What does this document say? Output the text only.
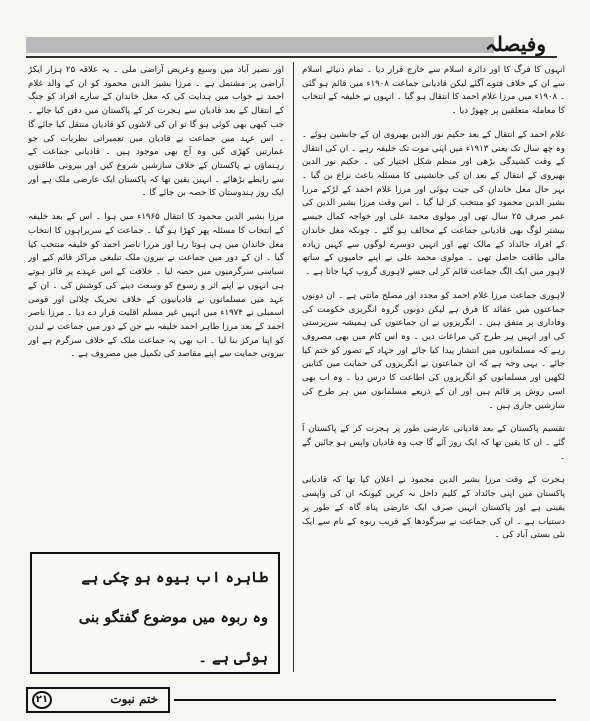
وفیصلہ

انہوں کا فرگ کا اور دائرہ اسلام سے خارج قرار دیا ۔ تمام دنیائے اسلام سے ان کے خلاف فتوے آگئے لیکن قادیانی جماعت ۱۹۰۸ء میں قائم ہو گئی ۔ ۱۹۰۸ء میں مرزا غلام احمد کا انتقال ہو گیا ۔ انہوں نے خلیفہ کے انتخاب کا معاملہ متعلقین پر چھوڑ دیا ۔

غلام احمد کے انتقال کے بعد حکیم نور الدین بھیروی ان کے جانشین ہوئے ۔ وہ چھ سال تک یعنی ۱۹۱۳ء میں اپنی موت تک خلیفہ رہے ۔ ان کی انتقال کے وقت کشیدگی بڑھی اور منظم شکل اختیار کی ۔ حکیم نور الدین بھیروی کے انتقال کے بعد ان کی جانشینی کا مسئلہ باعث نزاع بن گیا ۔ بہر حال مغل خاندان کی جیت ہوئی اور مرزا غلام احمد کے لڑکے مرزا بشیر الدین محمود کو منتخب کر لیا گیا ۔ اس وقت مرزا بشیر الدین کی عمر صرف ۲۵ سال تھی اور مولوی محمد علی اور خواجہ کمال جیسے بیشتر لوگ بھی قادیانی جماعت کے مخالف ہو گئے ۔ چونکہ مغل خاندان کے افراد جائداد کے مالک تھے اور انہیں دوسرے لوگوں سے کہیں زیادہ مالی طاقت حاصل تھی ۔ مولوی محمد علی نے اپنے حامیوں کے ساتھ لاہور میں ایک الگ جماعت قائم کر لی جسے لاہوری گروپ کہا جاتا ہے ۔

لاہوری جماعت مرزا غلام احمد کو مجدد اور مصلح مانتی ہے ۔ ان دونوں جماعتوں میں عقائد کا فرق ہے لیکن دونوں گروہ انگریزی حکومت کی وفاداری پر متفق ہیں ۔ انگریزوں نے ان جماعتوں کی ہمیشہ سرپرستی کی اور انہیں ہر طرح کی مراعات دیں ۔ وہ اس کام میں بھی مصروف رہے کہ مسلمانوں میں انتشار پیدا کیا جائے اور جہاد کے تصور کو ختم کیا جائے ۔ یہی وجہ ہے کہ ان جماعتوں نے انگریزوں کی حمایت میں کتابیں لکھیں اور مسلمانوں کو انگریزوں کی اطاعت کا درس دیا ۔ وہ اب بھی اسی روش پر قائم ہیں اور ان کے ذریعے مسلمانوں میں ہر طرح کی سازشیں جاری ہیں ۔

تقسیم پاکستان کے بعد قادیانی عارضی طور پر ہجرت کر کے پاکستان آ گئے ۔ ان کا یقین تھا کہ ایک روز آئے گا جب وہ قادیان واپس ہو جائیں گے ۔

ہجرت کے وقت مرزا بشیر الدین محمود نے اعلان کیا تھا کہ قادیانی پاکستان میں اپنی جائداد کے کلیم داخل نہ کریں کیونکہ ان کی واپسی یقینی ہے اور پاکستان انہیں صرف ایک عارضی پناہ گاہ کے طور پر دستیاب ہے ۔ ان کی جماعت نے سرگودھا کے قریب ربوہ کے نام سے ایک نئی بستی آباد کی ۔

اور نصیر آباد میں وسیع وعریض آراضی ملی ۔ یہ علاقہ ۲۵ ہزار ایکڑ آراضی پر مشتمل ہے ۔ مرزا بشیر الدین محمود کو ان کے والد غلام احمد نے خواب میں ہدایت کی کہ مغل خاندان کے سارے افراد کو جنگ کے انتقال کے بعد قادیان سے ہجرت کر کے پاکستان میں دفن کیا جائے ۔ جب کبھی بھی کوئی ہو گا تو ان کی لاشوں کو قادیان منتقل کیا جائے گا ۔ اس عہد میں جماعت نے قادیان میں تعمیراتی نظریات کی جو عمارتیں کھڑی کیں وہ آج بھی موجود ہیں ۔ قادیانی جماعت کے رہنماؤں نے پاکستان کے خلاف سازشیں شروع کیں اور بیرونی طاقتوں سے رابطے بڑھائے ۔ انہیں یقین تھا کہ پاکستان ایک عارضی ملک ہے اور ایک روز ہندوستان کا حصہ بن جائے گا ۔

مرزا بشیر الدین محمود کا انتقال ۱۹۶۵ء میں ہوا ۔ اس کے بعد خلیفہ کے انتخاب کا مسئلہ پھر کھڑا ہو گیا ۔ جماعت کے سربراہوں کا انتخاب مغل خاندان میں ہی ہوتا رہا اور مرزا ناصر احمد کو خلیفہ منتخب کیا گیا ۔ ان کے دور میں جماعت نے بیرون ملک تبلیغی مراکز قائم کیے اور سیاسی سرگرمیوں میں حصہ لیا ۔ خلافت کے اس عہدے پر فائز ہوتے ہی انہوں نے اپنے اثر و رسوخ کو وسعت دینے کی کوشش کی ۔ ان کے عہد میں مسلمانوں نے قادیانیوں کے خلاف تحریک چلائی اور قومی اسمبلی نے ۱۹۷۴ء میں انہیں غیر مسلم اقلیت قرار دے دیا ۔ مرزا ناصر احمد کے بعد مرزا طاہر احمد خلیفہ بنے جن کے دور میں جماعت نے لندن کو اپنا مرکز بنا لیا ۔ اب بھی یہ جماعت ملک کے خلاف سرگرم ہے اور بیرونی حمایت سے اپنے مقاصد کی تکمیل میں مصروف ہے ۔

طاہرہ اب بیوہ ہو چکی ہے
وہ ربوہ میں موضوع گفتگو بنی
ہوئی ہے ۔
۲۱	ختم نبوت
